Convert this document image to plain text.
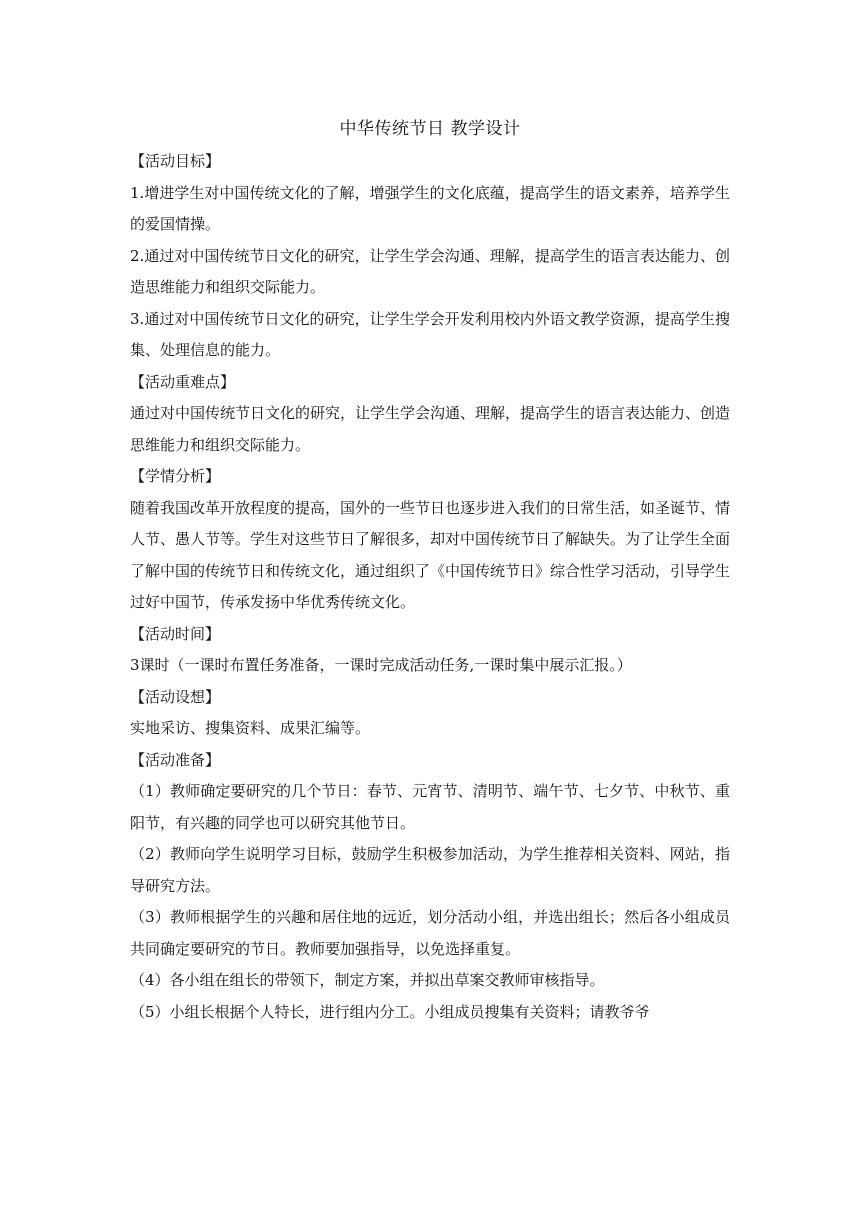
中华传统节日 教学设计
【活动目标】

1.增进学生对中国传统文化的了解，增强学生的文化底蕴，提高学生的语文素养，培养学生的爱国情操。

2.通过对中国传统节日文化的研究，让学生学会沟通、理解，提高学生的语言表达能力、创造思维能力和组织交际能力。

3.通过对中国传统节日文化的研究，让学生学会开发利用校内外语文教学资源，提高学生搜集、处理信息的能力。

【活动重难点】

通过对中国传统节日文化的研究，让学生学会沟通、理解，提高学生的语言表达能力、创造思维能力和组织交际能力。

【学情分析】

随着我国改革开放程度的提高，国外的一些节日也逐步进入我们的日常生活，如圣诞节、情人节、愚人节等。学生对这些节日了解很多，却对中国传统节日了解缺失。为了让学生全面了解中国的传统节日和传统文化，通过组织了《中国传统节日》综合性学习活动，引导学生过好中国节，传承发扬中华优秀传统文化。

【活动时间】

3课时（一课时布置任务准备，一课时完成活动任务,一课时集中展示汇报。）

【活动设想】

实地采访、搜集资料、成果汇编等。

【活动准备】

（1）教师确定要研究的几个节日：春节、元宵节、清明节、端午节、七夕节、中秋节、重阳节，有兴趣的同学也可以研究其他节日。

（2）教师向学生说明学习目标，鼓励学生积极参加活动，为学生推荐相关资料、网站，指导研究方法。

（3）教师根据学生的兴趣和居住地的远近，划分活动小组，并选出组长；然后各小组成员共同确定要研究的节日。教师要加强指导，以免选择重复。

（4）各小组在组长的带领下，制定方案，并拟出草案交教师审核指导。

（5）小组长根据个人特长，进行组内分工。小组成员搜集有关资料；请教爷爷
